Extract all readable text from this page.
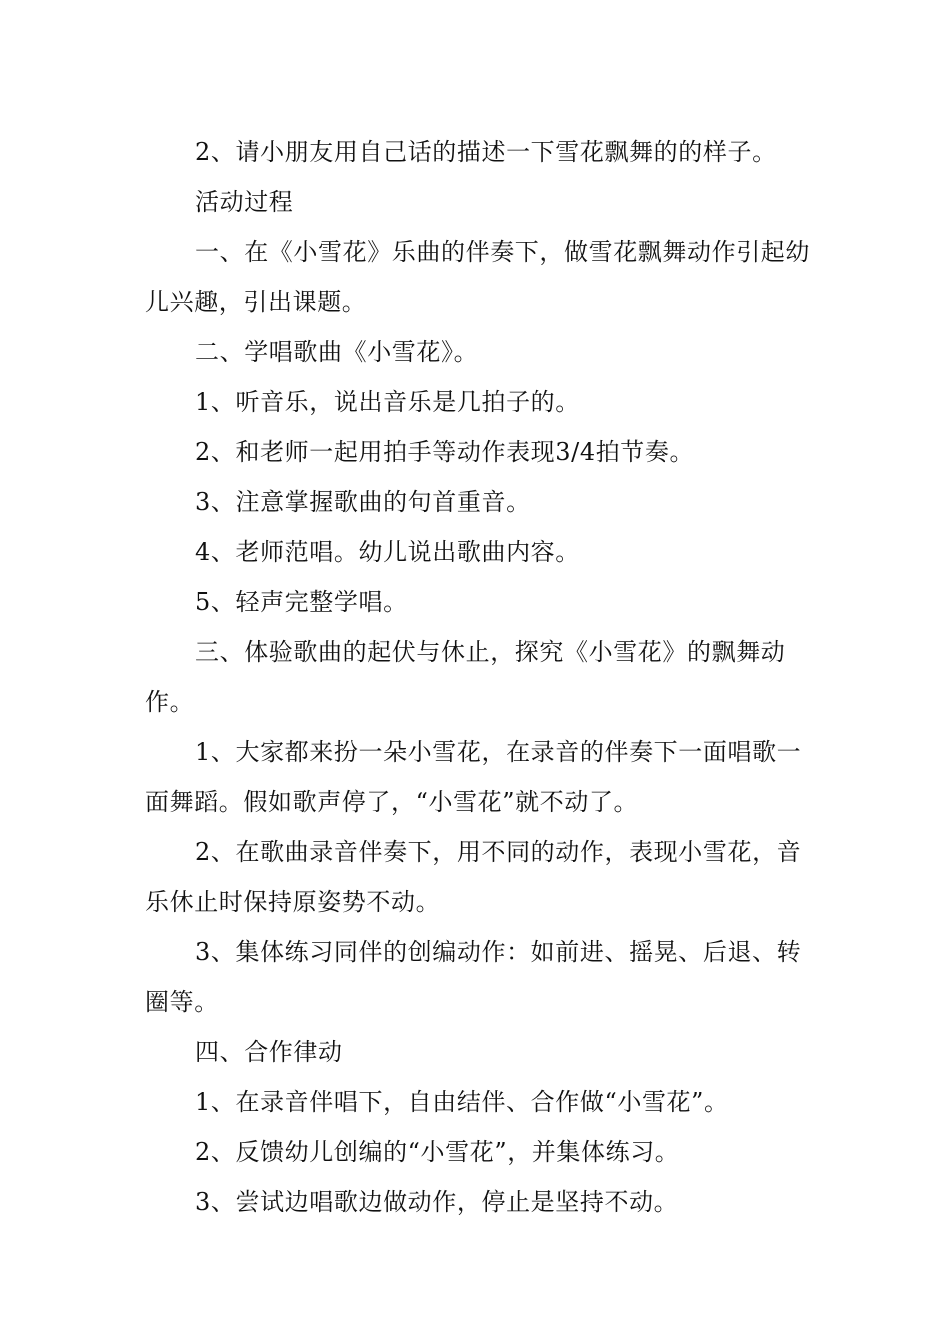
2、请小朋友用自己话的描述一下雪花飘舞的的样子。

活动过程

一、在《小雪花》乐曲的伴奏下，做雪花飘舞动作引起幼儿兴趣，引出课题。

二、学唱歌曲《小雪花》。

1、听音乐，说出音乐是几拍子的。

2、和老师一起用拍手等动作表现3/4拍节奏。

3、注意掌握歌曲的句首重音。

4、老师范唱。幼儿说出歌曲内容。

5、轻声完整学唱。

三、体验歌曲的起伏与休止，探究《小雪花》的飘舞动作。

1、大家都来扮一朵小雪花，在录音的伴奏下一面唱歌一面舞蹈。假如歌声停了，“小雪花”就不动了。

2、在歌曲录音伴奏下，用不同的动作，表现小雪花，音乐休止时保持原姿势不动。

3、集体练习同伴的创编动作：如前进、摇晃、后退、转圈等。

四、合作律动

1、在录音伴唱下，自由结伴、合作做“小雪花”。

2、反馈幼儿创编的“小雪花”，并集体练习。

3、尝试边唱歌边做动作，停止是坚持不动。
